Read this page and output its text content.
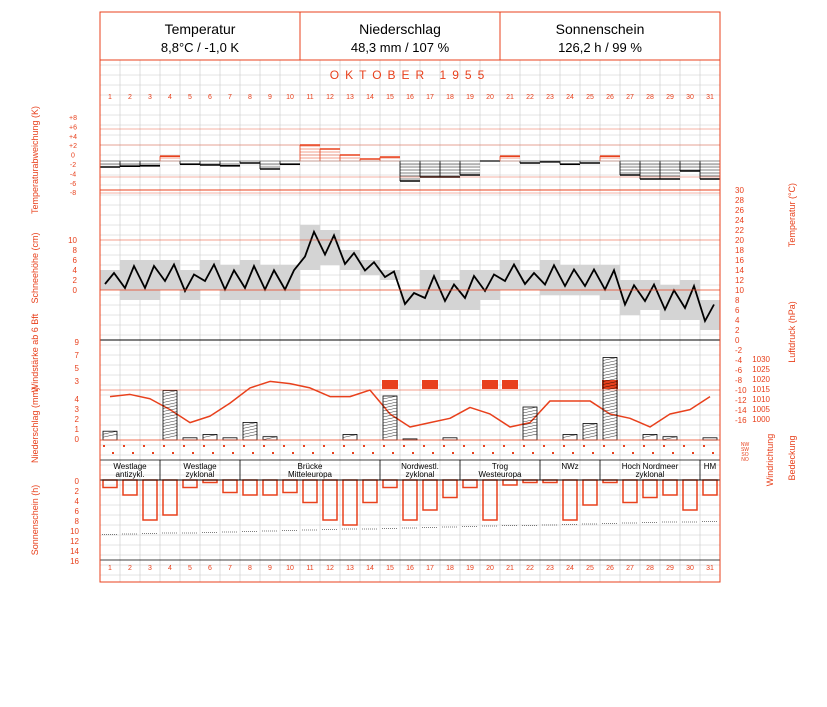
Temperatur
8,8°C / -1,0 K
Niederschlag
48,3 mm / 107 %
Sonnenschein
126,2 h / 99 %
OKTOBER 1955
1
1
2
2
3
3
4
4
5
5
6
6
7
7
8
8
9
9
10
10
11
11
12
12
13
13
14
14
15
15
16
16
17
17
18
18
19
19
20
20
21
21
22
22
23
23
24
24
25
25
26
26
27
27
28
28
29
29
30
30
31
31
+8
+6
+4
+2
0
-2
-4
-6
-8
10
8
6
4
2
0
30
28
26
24
22
20
18
16
14
12
10
8
6
4
2
0
-2
-4
-6
-8
-10
-12
-14
-16
9
7
5
3
4
3
2
1
0
1030
1025
1020
1015
1010
1005
1000
NW
SW
SO
NO
Westlage
antizykl.
Westlage
zyklonal
Brücke
Mitteleuropa
Nordwestl.
zyklonal
Trog
Westeuropa
NWz	Hoch Nordmeer
zyklonal
HM
0
2
4
6
8
10
12
14
16
Temperaturabweichung (K)
Schneehöhe (cm)
Windstärke ab 6 Bft
Niederschlag (mm)
Sonnenschein (h)
Temperatur (°C)
Luftdruck (hPa)
Windrichtung Bedeckung
